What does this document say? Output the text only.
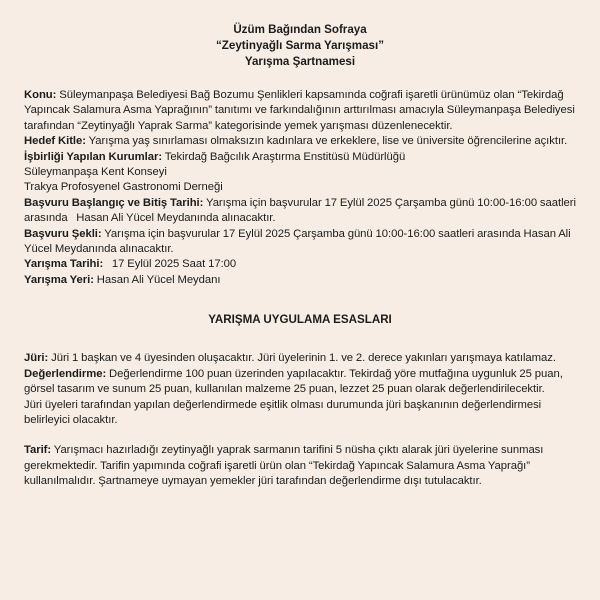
Üzüm Bağından Sofraya
“Zeytinyağlı Sarma Yarışması”
Yarışma Şartnamesi
Konu: Süleymanpaşa Belediyesi Bağ Bozumu Şenlikleri kapsamında coğrafi işaretli ürünümüz olan “Tekirdağ Yapıncak Salamura Asma Yaprağının” tanıtımı ve farkındalığının arttırılması amacıyla Süleymanpaşa Belediyesi tarafından “Zeytinyağlı Yaprak Sarma” kategorisinde yemek yarışması düzenlenecektir.
Hedef Kitle: Yarışma yaş sınırlaması olmaksızın kadınlara ve erkeklere, lise ve üniversite öğrencilerine açıktır.
İşbirliği Yapılan Kurumlar: Tekirdağ Bağcılık Araştırma Enstitüsü Müdürlüğü
Süleymanpaşa Kent Konseyi
Trakya Profosyenel Gastronomi Derneği
Başvuru Başlangıç ve Bitiş Tarihi: Yarışma için başvurular 17 Eylül 2025 Çarşamba günü 10:00-16:00 saatleri arasında   Hasan Ali Yücel Meydanında alınacaktır.
Başvuru Şekli: Yarışma için başvurular 17 Eylül 2025 Çarşamba günü 10:00-16:00 saatleri arasında Hasan Ali Yücel Meydanında alınacaktır.
Yarışma Tarihi:   17 Eylül 2025 Saat 17:00
Yarışma Yeri: Hasan Ali Yücel Meydanı
YARIŞMA UYGULAMA ESASLARI
Jüri: Jüri 1 başkan ve 4 üyesinden oluşacaktır. Jüri üyelerinin 1. ve 2. derece yakınları yarışmaya katılamaz.
Değerlendirme: Değerlendirme 100 puan üzerinden yapılacaktır. Tekirdağ yöre mutfağına uygunluk 25 puan, görsel tasarım ve sunum 25 puan, kullanılan malzeme 25 puan, lezzet 25 puan olarak değerlendirilecektir.
Jüri üyeleri tarafından yapılan değerlendirmede eşitlik olması durumunda jüri başkanının değerlendirmesi belirleyici olacaktır.
Tarif: Yarışmacı hazırladığı zeytinyağlı yaprak sarmanın tarifini 5 nüsha çıktı alarak jüri üyelerine sunması gerekmektedir. Tarifin yapımında coğrafi işaretli ürün olan “Tekirdağ Yapıncak Salamura Asma Yaprağı” kullanılmalıdır. Şartnameye uymayan yemekler jüri tarafından değerlendirme dışı tutulacaktır.
